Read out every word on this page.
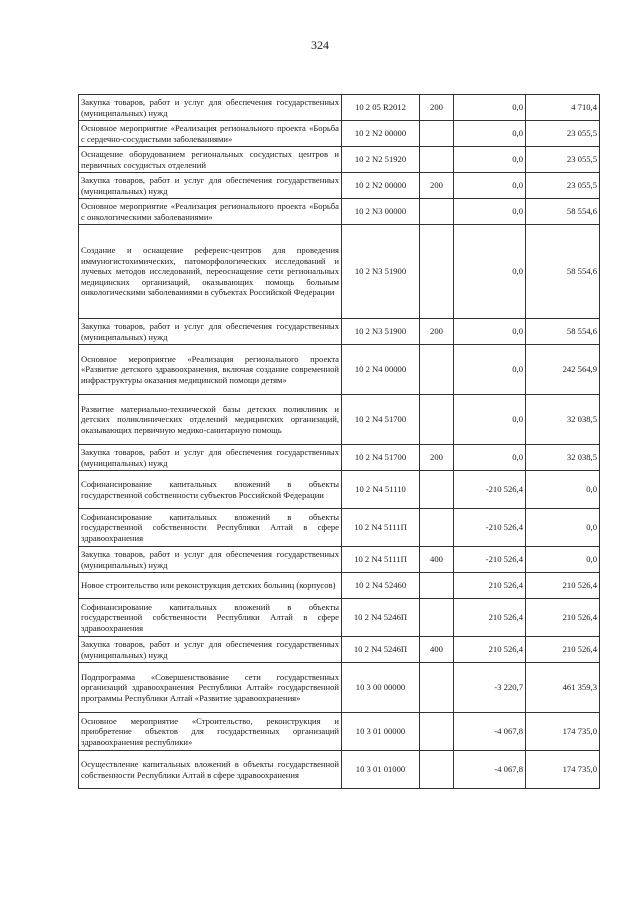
324
Закупка товаров, работ и услуг для обеспечения государственных (муниципальных) нужд	10 2 05 R2012	200	0,0	4 710,4
Основное мероприятие «Реализация регионального проекта «Борьба с сердечно-сосудистыми заболеваниями»	10 2 N2 00000		0,0	23 055,5
Оснащение оборудованием региональных сосудистых центров и первичных сосудистых отделений	10 2 N2 51920		0,0	23 055,5
Закупка товаров, работ и услуг для обеспечения государственных (муниципальных) нужд	10 2 N2 00000	200	0,0	23 055,5
Основное мероприятие «Реализация регионального проекта «Борьба с онкологическими заболеваниями»	10 2 N3 00000		0,0	58 554,6
Создание и оснащение референс-центров для проведения иммуногистохимических, патоморфологических исследований и лучевых методов исследований, переоснащение сети региональных медицинских организаций, оказывающих помощь больным онкологическими заболеваниями в субъектах Российской Федерации	10 2 N3 51900		0,0	58 554,6
Закупка товаров, работ и услуг для обеспечения государственных (муниципальных) нужд	10 2 N3 51900	200	0,0	58 554,6
Основное мероприятие «Реализация регионального проекта «Развитие детского здравоохранения, включая создание современной инфраструктуры оказания медицинской помощи детям»	10 2 N4 00000		0,0	242 564,9
Развитие материально-технической базы детских поликлиник и детских поликлинических отделений медицинских организаций, оказывающих первичную медико-санитарную помощь	10 2 N4 51700		0,0	32 038,5
Закупка товаров, работ и услуг для обеспечения государственных (муниципальных) нужд	10 2 N4 51700	200	0,0	32 038,5
Софинансирование капитальных вложений в объекты государственной собственности субъектов Российской Федерации	10 2 N4 51110		-210 526,4	0,0
Софинансирование капитальных вложений в объекты государственной собственности Республики Алтай в сфере здравоохранения	10 2 N4 5111П		-210 526,4	0,0
Закупка товаров, работ и услуг для обеспечения государственных (муниципальных) нужд	10 2 N4 5111П	400	-210 526,4	0,0
Новое строительство или реконструкция детских больниц (корпусов)	10 2 N4 52460		210 526,4	210 526,4
Софинансирование капитальных вложений в объекты государственной собственности Республики Алтай в сфере здравоохранения	10 2 N4 5246П		210 526,4	210 526,4
Закупка товаров, работ и услуг для обеспечения государственных (муниципальных) нужд	10 2 N4 5246П	400	210 526,4	210 526,4
Подпрограмма «Совершенствование сети государственных организаций здравоохранения Республики Алтай» государственной программы Республики Алтай «Развитие здравоохранения»	10 3 00 00000		-3 220,7	461 359,3
Основное мероприятие «Строительство, реконструкция и приобретение объектов для государственных организаций здравоохранения республики»	10 3 01 00000		-4 067,8	174 735,0
Осуществление капитальных вложений в объекты государственной собственности Республики Алтай в сфере здравоохранения	10 3 01 01000		-4 067,8	174 735,0
